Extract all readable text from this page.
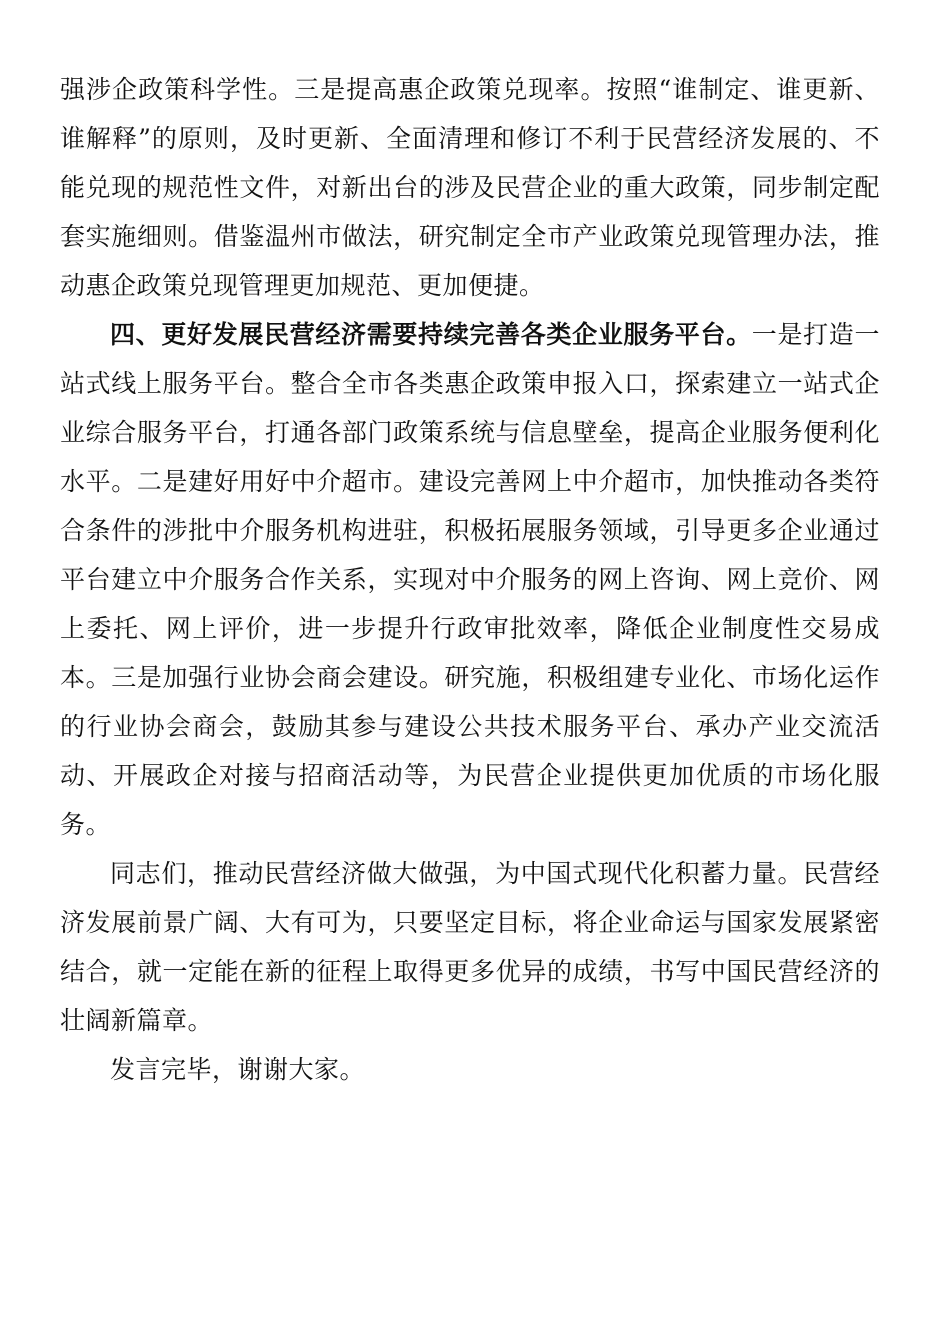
强涉企政策科学性。三是提高惠企政策兑现率。按照“谁制定、谁更新、谁解释”的原则，及时更新、全面清理和修订不利于民营经济发展的、不能兑现的规范性文件，对新出台的涉及民营企业的重大政策，同步制定配套实施细则。借鉴温州市做法，研究制定全市产业政策兑现管理办法，推动惠企政策兑现管理更加规范、更加便捷。

四、更好发展民营经济需要持续完善各类企业服务平台。一是打造一站式线上服务平台。整合全市各类惠企政策申报入口，探索建立一站式企业综合服务平台，打通各部门政策系统与信息壁垒，提高企业服务便利化水平。二是建好用好中介超市。建设完善网上中介超市，加快推动各类符合条件的涉批中介服务机构进驻，积极拓展服务领域，引导更多企业通过平台建立中介服务合作关系，实现对中介服务的网上咨询、网上竞价、网上委托、网上评价，进一步提升行政审批效率，降低企业制度性交易成本。三是加强行业协会商会建设。研究施，积极组建专业化、市场化运作的行业协会商会，鼓励其参与建设公共技术服务平台、承办产业交流活动、开展政企对接与招商活动等，为民营企业提供更加优质的市场化服务。

同志们，推动民营经济做大做强，为中国式现代化积蓄力量。民营经济发展前景广阔、大有可为，只要坚定目标，将企业命运与国家发展紧密结合，就一定能在新的征程上取得更多优异的成绩，书写中国民营经济的壮阔新篇章。

发言完毕，谢谢大家。
